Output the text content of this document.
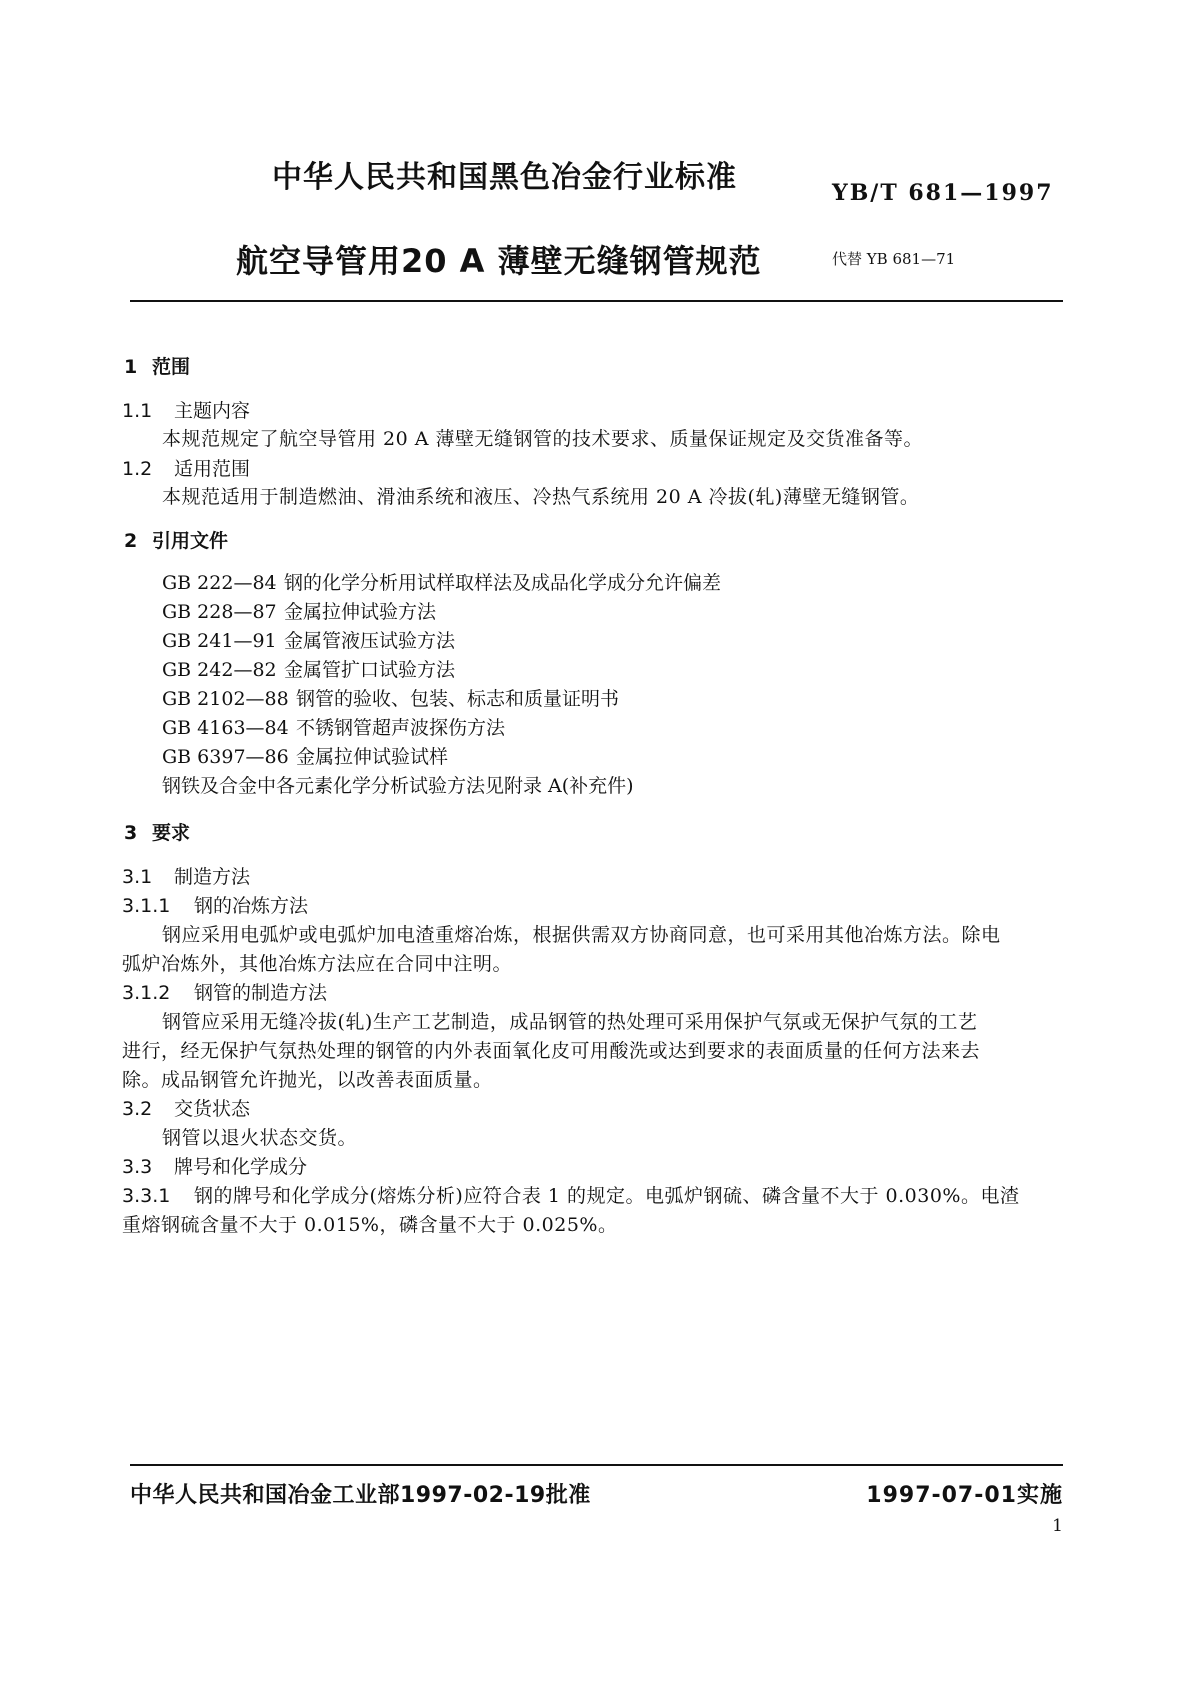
中华人民共和国黑色冶金行业标准	YB/T 681—1997
航空导管用20 A 薄壁无缝钢管规范	代替 YB 681—71
1 范围
1.1 主题内容
本规范规定了航空导管用 20 A 薄壁无缝钢管的技术要求、质量保证规定及交货准备等。
1.2 适用范围
本规范适用于制造燃油、滑油系统和液压、冷热气系统用 20 A 冷拔(轧)薄壁无缝钢管。
2 引用文件
GB 222—84 钢的化学分析用试样取样法及成品化学成分允许偏差
GB 228—87 金属拉伸试验方法
GB 241—91 金属管液压试验方法
GB 242—82 金属管扩口试验方法
GB 2102—88 钢管的验收、包装、标志和质量证明书
GB 4163—84 不锈钢管超声波探伤方法
GB 6397—86 金属拉伸试验试样
钢铁及合金中各元素化学分析试验方法见附录 A(补充件)
3 要求
3.1 制造方法
3.1.1 钢的冶炼方法
钢应采用电弧炉或电弧炉加电渣重熔冶炼，根据供需双方协商同意，也可采用其他冶炼方法。除电
弧炉冶炼外，其他冶炼方法应在合同中注明。
3.1.2 钢管的制造方法
钢管应采用无缝冷拔(轧)生产工艺制造，成品钢管的热处理可采用保护气氛或无保护气氛的工艺
进行，经无保护气氛热处理的钢管的内外表面氧化皮可用酸洗或达到要求的表面质量的任何方法来去
除。成品钢管允许抛光，以改善表面质量。
3.2 交货状态
钢管以退火状态交货。
3.3 牌号和化学成分
3.3.1 钢的牌号和化学成分(熔炼分析)应符合表 1 的规定。电弧炉钢硫、磷含量不大于 0.030%。电渣
重熔钢硫含量不大于 0.015%，磷含量不大于 0.025%。
中华人民共和国冶金工业部1997-02-19批准	1997-07-01实施
1
